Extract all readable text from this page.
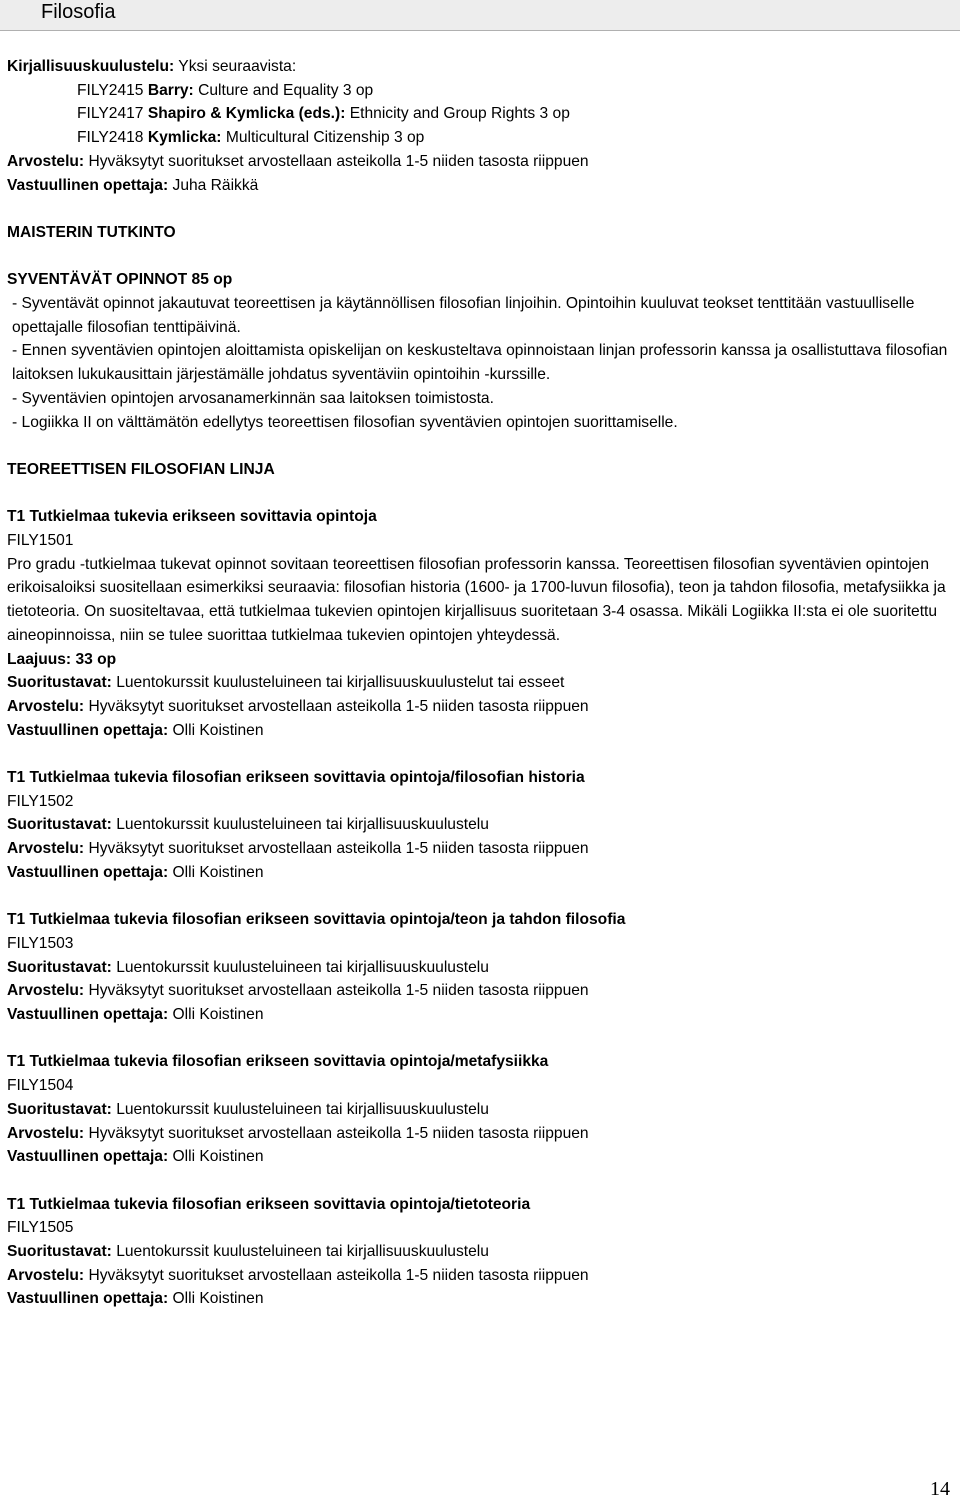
Filosofia
Kirjallisuuskuulustelu: Yksi seuraavista:
FILY2415 Barry: Culture and Equality 3 op
FILY2417 Shapiro & Kymlicka (eds.): Ethnicity and Group Rights 3 op
FILY2418 Kymlicka: Multicultural Citizenship 3 op
Arvostelu: Hyväksytyt suoritukset arvostellaan asteikolla 1-5 niiden tasosta riippuen
Vastuullinen opettaja: Juha Räikkä
MAISTERIN TUTKINTO
SYVENTÄVÄT OPINNOT 85 op
- Syventävät opinnot jakautuvat teoreettisen ja käytännöllisen filosofian linjoihin. Opintoihin kuuluvat teokset tenttitään vastuulliselle opettajalle filosofian tenttipäivinä.
- Ennen syventävien opintojen aloittamista opiskelijan on keskusteltava opinnoistaan linjan professorin kanssa ja osallistuttava filosofian laitoksen lukukausittain järjestämälle johdatus syventäviin opintoihin -kurssille.
- Syventävien opintojen arvosanamerkinnän saa laitoksen toimistosta.
- Logiikka II on välttämätön edellytys teoreettisen filosofian syventävien opintojen suorittamiselle.
TEOREETTISEN FILOSOFIAN LINJA
T1 Tutkielmaa tukevia erikseen sovittavia opintoja
FILY1501
Pro gradu -tutkielmaa tukevat opinnot sovitaan teoreettisen filosofian professorin kanssa. Teoreettisen filosofian syventävien opintojen erikoisaloiksi suositellaan esimerkiksi seuraavia: filosofian historia (1600- ja 1700-luvun filosofia), teon ja tahdon filosofia, metafysiikka ja tietoteoria. On suositeltavaa, että tutkielmaa tukevien opintojen kirjallisuus suoritetaan 3-4 osassa. Mikäli Logiikka II:sta ei ole suoritettu aineopinnoissa, niin se tulee suorittaa tutkielmaa tukevien opintojen yhteydessä.
Laajuus: 33 op
Suoritustavat: Luentokurssit kuulusteluineen tai kirjallisuuskuulustelut tai esseet
Arvostelu: Hyväksytyt suoritukset arvostellaan asteikolla 1-5 niiden tasosta riippuen
Vastuullinen opettaja: Olli Koistinen
T1 Tutkielmaa tukevia filosofian erikseen sovittavia opintoja/filosofian historia
FILY1502
Suoritustavat: Luentokurssit kuulusteluineen tai kirjallisuuskuulustelu
Arvostelu: Hyväksytyt suoritukset arvostellaan asteikolla 1-5 niiden tasosta riippuen
Vastuullinen opettaja: Olli Koistinen
T1 Tutkielmaa tukevia filosofian erikseen sovittavia opintoja/teon ja tahdon filosofia
FILY1503
Suoritustavat: Luentokurssit kuulusteluineen tai kirjallisuuskuulustelu
Arvostelu: Hyväksytyt suoritukset arvostellaan asteikolla 1-5 niiden tasosta riippuen
Vastuullinen opettaja: Olli Koistinen
T1 Tutkielmaa tukevia filosofian erikseen sovittavia opintoja/metafysiikka
FILY1504
Suoritustavat: Luentokurssit kuulusteluineen tai kirjallisuuskuulustelu
Arvostelu: Hyväksytyt suoritukset arvostellaan asteikolla 1-5 niiden tasosta riippuen
Vastuullinen opettaja: Olli Koistinen
T1 Tutkielmaa tukevia filosofian erikseen sovittavia opintoja/tietoteoria
FILY1505
Suoritustavat: Luentokurssit kuulusteluineen tai kirjallisuuskuulustelu
Arvostelu: Hyväksytyt suoritukset arvostellaan asteikolla 1-5 niiden tasosta riippuen
Vastuullinen opettaja: Olli Koistinen
14
